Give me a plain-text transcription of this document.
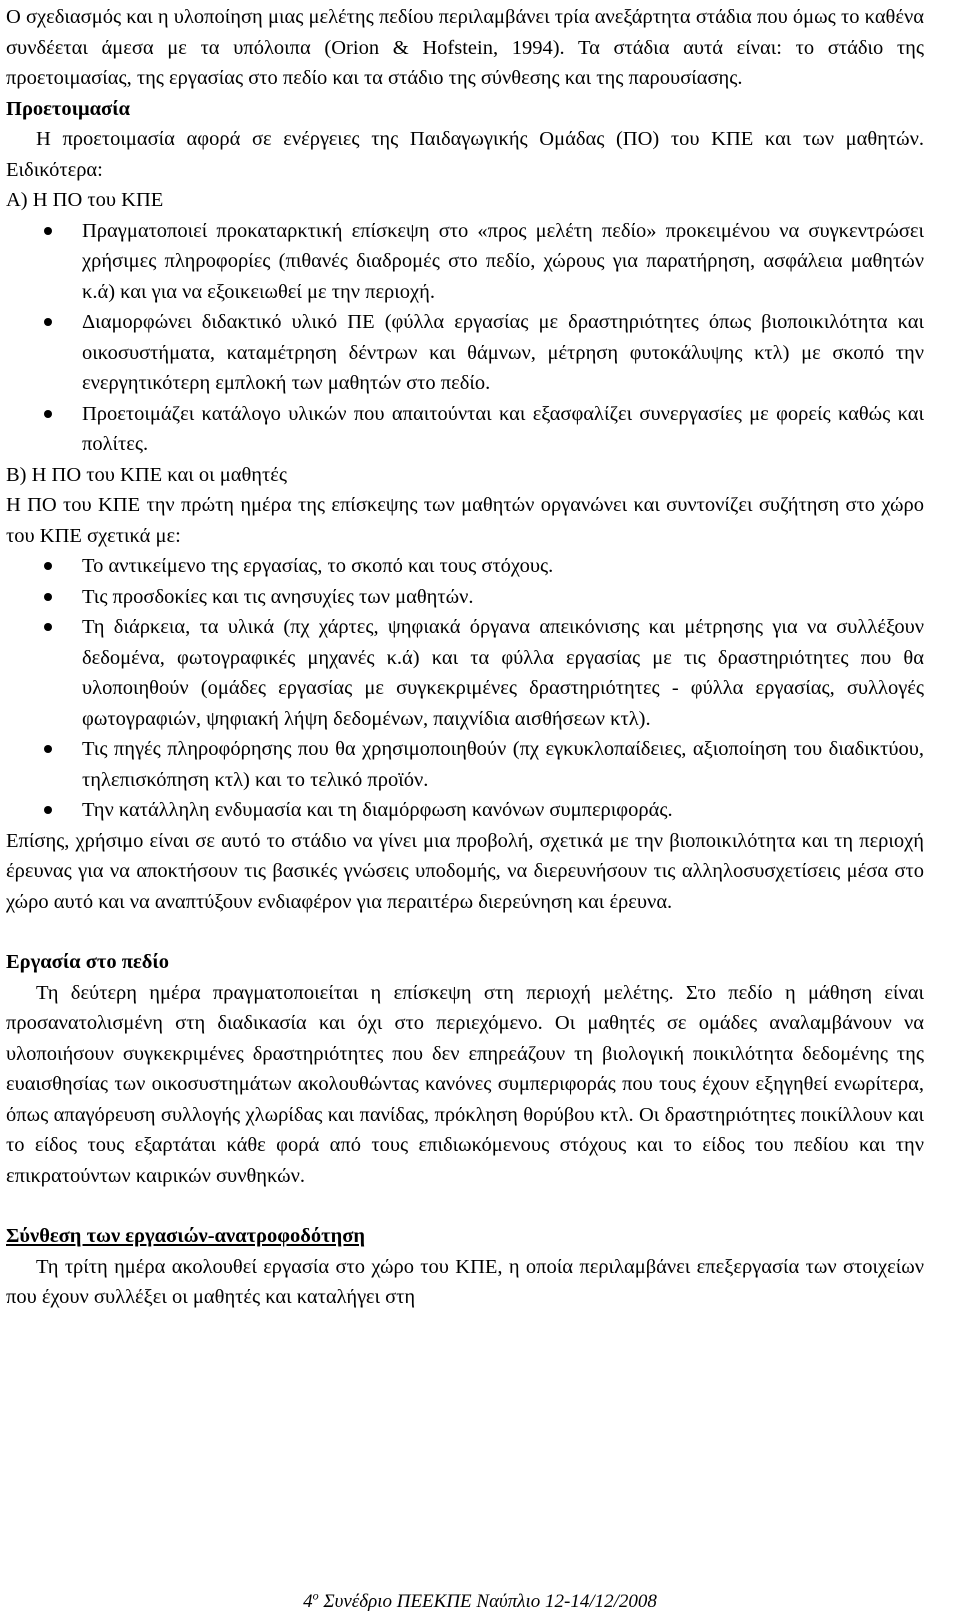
Ο σχεδιασμός και η υλοποίηση μιας μελέτης πεδίου περιλαμβάνει τρία ανεξάρτητα στάδια που όμως το καθένα συνδέεται άμεσα με τα υπόλοιπα (Orion & Hofstein, 1994). Τα στάδια αυτά είναι: το στάδιο της προετοιμασίας, της εργασίας στο πεδίο και τα στάδιο της σύνθεσης και της παρουσίασης.

Προετοιμασία

Η προετοιμασία αφορά σε ενέργειες της Παιδαγωγικής Ομάδας (ΠΟ) του ΚΠΕ και των μαθητών. Ειδικότερα:

Α) Η ΠΟ του ΚΠΕ
Πραγματοποιεί προκαταρκτική επίσκεψη στο «προς μελέτη πεδίο» προκειμένου να συγκεντρώσει χρήσιμες πληροφορίες (πιθανές διαδρομές στο πεδίο, χώρους για παρατήρηση, ασφάλεια μαθητών κ.ά) και για να εξοικειωθεί με την περιοχή.
Διαμορφώνει διδακτικό υλικό ΠΕ (φύλλα εργασίας με δραστηριότητες όπως βιοποικιλότητα και οικοσυστήματα, καταμέτρηση δέντρων και θάμνων, μέτρηση φυτοκάλυψης κτλ) με σκοπό την ενεργητικότερη εμπλοκή των μαθητών στο πεδίο.
Προετοιμάζει κατάλογο υλικών που απαιτούνται και εξασφαλίζει συνεργασίες με φορείς καθώς και πολίτες.
Β) Η ΠΟ του ΚΠΕ και οι μαθητές

Η ΠΟ του ΚΠΕ την πρώτη ημέρα της επίσκεψης των μαθητών οργανώνει και συντονίζει συζήτηση στο χώρο του ΚΠΕ σχετικά με:

Το αντικείμενο της εργασίας, το σκοπό και τους στόχους.
Τις προσδοκίες και τις ανησυχίες των μαθητών.
Τη διάρκεια, τα υλικά (πχ χάρτες, ψηφιακά όργανα απεικόνισης και μέτρησης για να συλλέξουν δεδομένα, φωτογραφικές μηχανές κ.ά) και τα φύλλα εργασίας με τις δραστηριότητες που θα υλοποιηθούν (ομάδες εργασίας με συγκεκριμένες δραστηριότητες - φύλλα εργασίας, συλλογές φωτογραφιών, ψηφιακή λήψη δεδομένων, παιχνίδια αισθήσεων κτλ).
Τις πηγές πληροφόρησης που θα χρησιμοποιηθούν (πχ εγκυκλοπαίδειες, αξιοποίηση του διαδικτύου, τηλεπισκόπηση κτλ) και το τελικό προϊόν.
Την κατάλληλη ενδυμασία και τη διαμόρφωση κανόνων συμπεριφοράς.

Επίσης, χρήσιμο είναι σε αυτό το στάδιο να γίνει μια προβολή, σχετικά με την βιοποικιλότητα και τη περιοχή έρευνας για να αποκτήσουν τις βασικές γνώσεις υποδομής, να διερευνήσουν τις αλληλοσυσχετίσεις μέσα στο χώρο αυτό και να αναπτύξουν ενδιαφέρον για περαιτέρω διερεύνηση και έρευνα.

Εργασία στο πεδίο

Τη δεύτερη ημέρα πραγματοποιείται η επίσκεψη στη περιοχή μελέτης. Στο πεδίο η μάθηση είναι προσανατολισμένη στη διαδικασία και όχι στο περιεχόμενο. Οι μαθητές σε ομάδες αναλαμβάνουν να υλοποιήσουν συγκεκριμένες δραστηριότητες που δεν επηρεάζουν τη βιολογική ποικιλότητα δεδομένης της ευαισθησίας των οικοσυστημάτων ακολουθώντας κανόνες συμπεριφοράς που τους έχουν εξηγηθεί ενωρίτερα, όπως απαγόρευση συλλογής χλωρίδας και πανίδας, πρόκληση θορύβου κτλ. Οι δραστηριότητες ποικίλλουν και το είδος τους εξαρτάται κάθε φορά από τους επιδιωκόμενους στόχους και το είδος του πεδίου και την επικρατούντων καιρικών συνθηκών.

Σύνθεση των εργασιών-ανατροφοδότηση

Τη τρίτη ημέρα ακολουθεί εργασία στο χώρο του ΚΠΕ, η οποία περιλαμβάνει επεξεργασία των στοιχείων που έχουν συλλέξει οι μαθητές και καταλήγει στη

$4^o$ Συνέδριο ΠΕΕΚΠΕ Ναύπλιο 12-14/12/2008
